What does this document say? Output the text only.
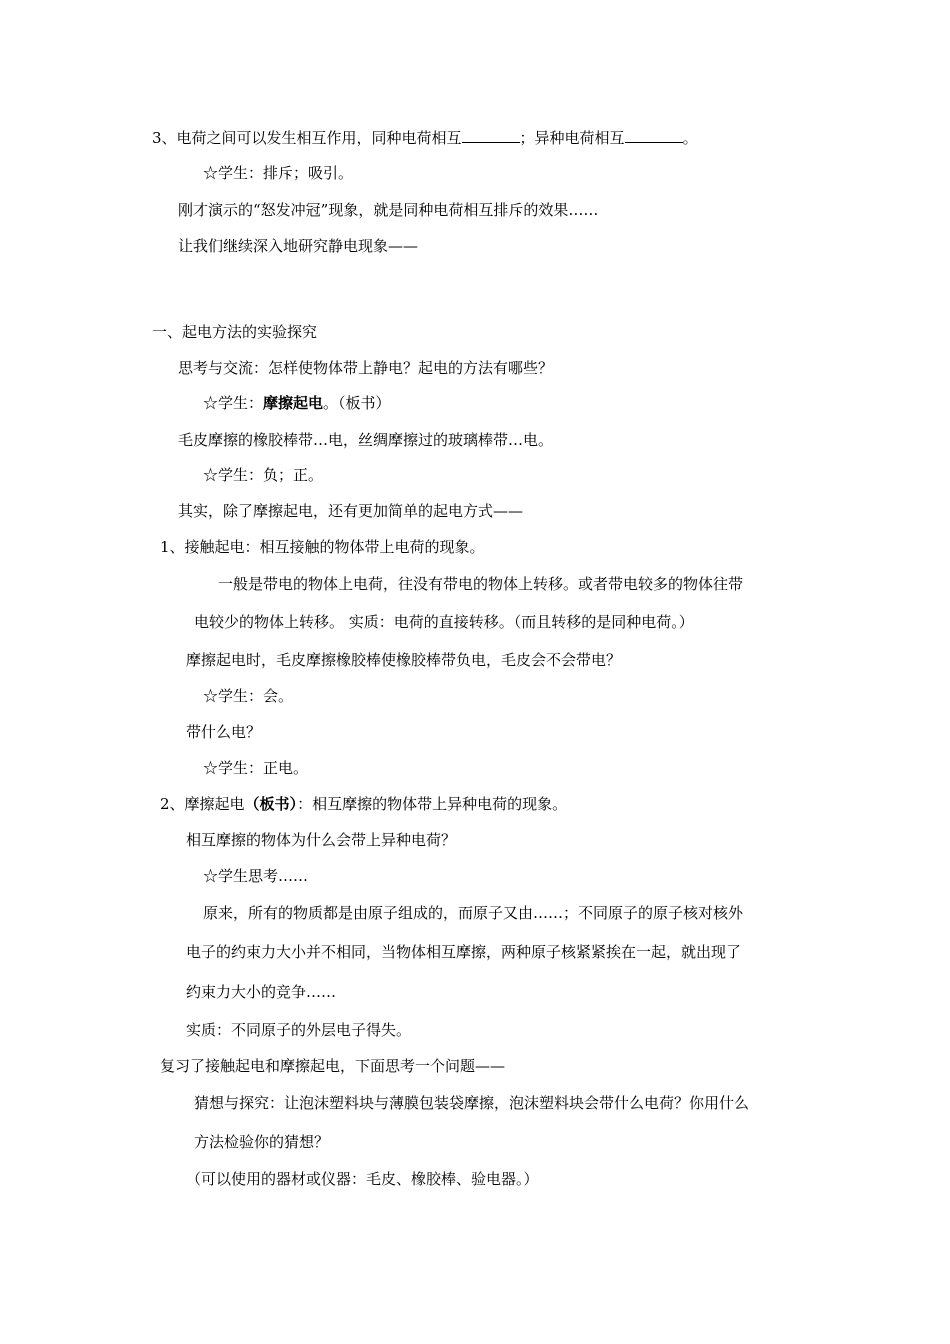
3、电荷之间可以发生相互作用，同种电荷相互	；异种电荷相互	。
☆学生：排斥；吸引。
刚才演示的“怒发冲冠”现象，就是同种电荷相互排斥的效果……
让我们继续深入地研究静电现象——
一、起电方法的实验探究
思考与交流：怎样使物体带上静电？起电的方法有哪些？
☆学生：摩擦起电。（板书）
毛皮摩擦的橡胶棒带…电，丝绸摩擦过的玻璃棒带…电。
☆学生：负；正。
其实，除了摩擦起电，还有更加简单的起电方式——
1、接触起电：相互接触的物体带上电荷的现象。
一般是带电的物体上电荷，往没有带电的物体上转移。或者带电较多的物体往带
电较少的物体上转移。 实质：电荷的直接转移。（而且转移的是同种电荷。）
摩擦起电时，毛皮摩擦橡胶棒使橡胶棒带负电，毛皮会不会带电？
☆学生：会。
带什么电？
☆学生：正电。
2、摩擦起电（板书）：相互摩擦的物体带上异种电荷的现象。
相互摩擦的物体为什么会带上异种电荷？
☆学生思考……
原来，所有的物质都是由原子组成的，而原子又由……；不同原子的原子核对核外
电子的约束力大小并不相同，当物体相互摩擦，两种原子核紧紧挨在一起，就出现了
约束力大小的竞争……
实质：不同原子的外层电子得失。
复习了接触起电和摩擦起电，下面思考一个问题——
猜想与探究：让泡沫塑料块与薄膜包装袋摩擦，泡沫塑料块会带什么电荷？你用什么
方法检验你的猜想？
（可以使用的器材或仪器：毛皮、橡胶棒、验电器。）
